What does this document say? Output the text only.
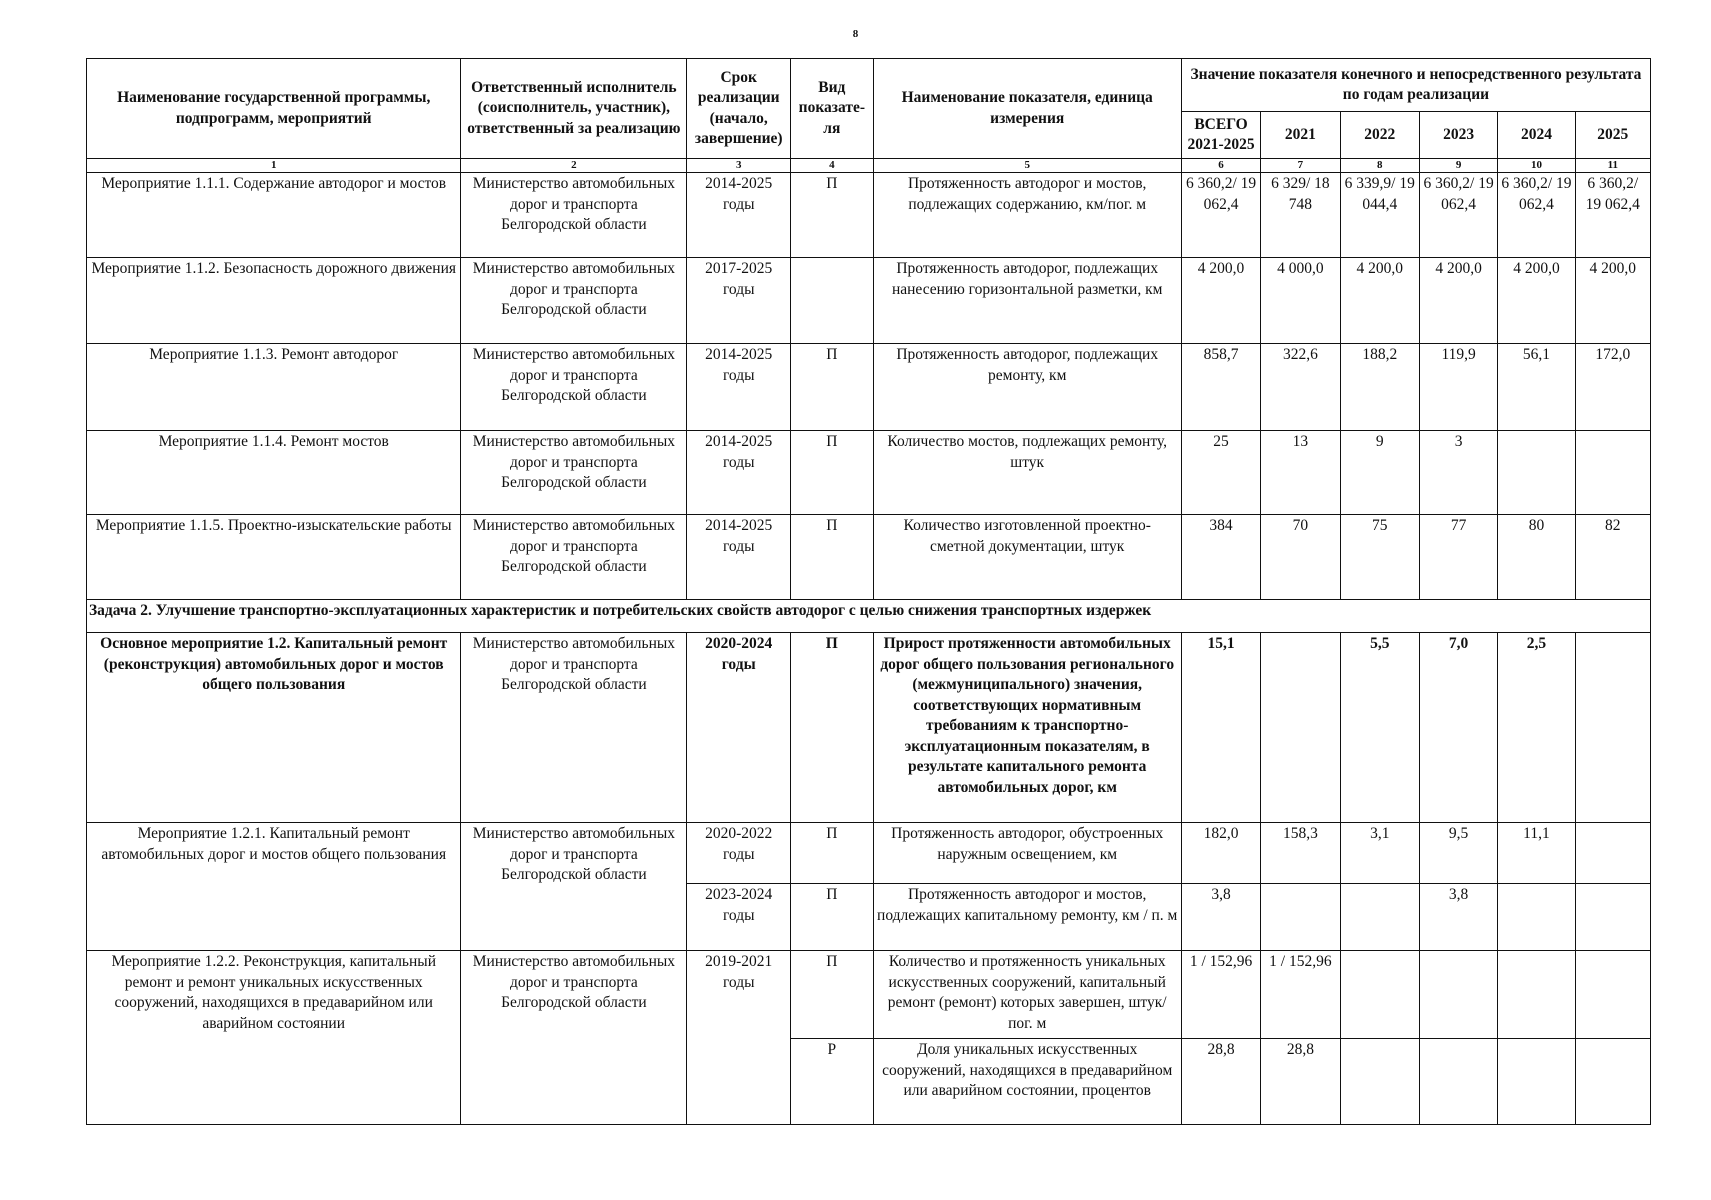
8
Наименование государственной программы, подпрограмм, мероприятий	Ответственный исполнитель (соисполнитель, участник), ответственный за реализацию	Срок реализации (начало, завершение)	Вид показате-ля	Наименование показателя, единица измерения	Значение показателя конечного и непосредственного результата по годам реализации					
					ВСЕГО 2021-2025	2021	2022	2023	2024	2025
1	2	3	4	5	6	7	8	9	10	11
Мероприятие 1.1.1. Содержание автодорог и мостов	Министерство автомобильных дорог и транспорта Белгородской области	2014-2025 годы	П	Протяженность автодорог и мостов, подлежащих содержанию, км/пог. м	6 360,2/ 19 062,4	6 329/ 18 748	6 339,9/ 19 044,4	6 360,2/ 19 062,4	6 360,2/ 19 062,4	6 360,2/ 19 062,4
Мероприятие 1.1.2. Безопасность дорожного движения	Министерство автомобильных дорог и транспорта Белгородской области	2017-2025 годы		Протяженность автодорог, подлежащих нанесению горизонтальной разметки, км	4 200,0	4 000,0	4 200,0	4 200,0	4 200,0	4 200,0
Мероприятие 1.1.3. Ремонт автодорог	Министерство автомобильных дорог и транспорта Белгородской области	2014-2025 годы	П	Протяженность автодорог, подлежащих ремонту, км	858,7	322,6	188,2	119,9	56,1	172,0
Мероприятие 1.1.4. Ремонт мостов	Министерство автомобильных дорог и транспорта Белгородской области	2014-2025 годы	П	Количество мостов, подлежащих ремонту, штук	25	13	9	3		
Мероприятие 1.1.5. Проектно-изыскательские работы	Министерство автомобильных дорог и транспорта Белгородской области	2014-2025 годы	П	Количество изготовленной проектно-сметной документации, штук	384	70	75	77	80	82
Задача 2. Улучшение транспортно-эксплуатационных характеристик и потребительских свойств автодорог с целью снижения транспортных издержек										
Основное мероприятие 1.2. Капитальный ремонт (реконструкция) автомобильных дорог и мостов общего пользования	Министерство автомобильных дорог и транспорта Белгородской области	2020-2024 годы	П	Прирост протяженности автомобильных дорог общего пользования регионального (межмуниципального) значения, соответствующих нормативным требованиям к транспортно-эксплуатационным показателям, в результате капитального ремонта автомобильных дорог, км	15,1		5,5	7,0	2,5	
Мероприятие 1.2.1. Капитальный ремонт автомобильных дорог и мостов общего пользования	Министерство автомобильных дорог и транспорта Белгородской области	2020-2022 годы	П	Протяженность автодорог, обустроенных наружным освещением, км	182,0	158,3	3,1	9,5	11,1	
		2023-2024 годы	П	Протяженность автодорог и мостов, подлежащих капитальному ремонту, км / п. м	3,8			3,8		
Мероприятие 1.2.2. Реконструкция, капитальный ремонт и ремонт уникальных искусственных сооружений, находящихся в предаварийном или аварийном состоянии	Министерство автомобильных дорог и транспорта Белгородской области	2019-2021 годы	П	Количество и протяженность уникальных искусственных сооружений, капитальный ремонт (ремонт) которых завершен, штук/пог. м	1 / 152,96	1 / 152,96				
			Р	Доля уникальных искусственных сооружений, находящихся в предаварийном или аварийном состоянии, процентов	28,8	28,8				
